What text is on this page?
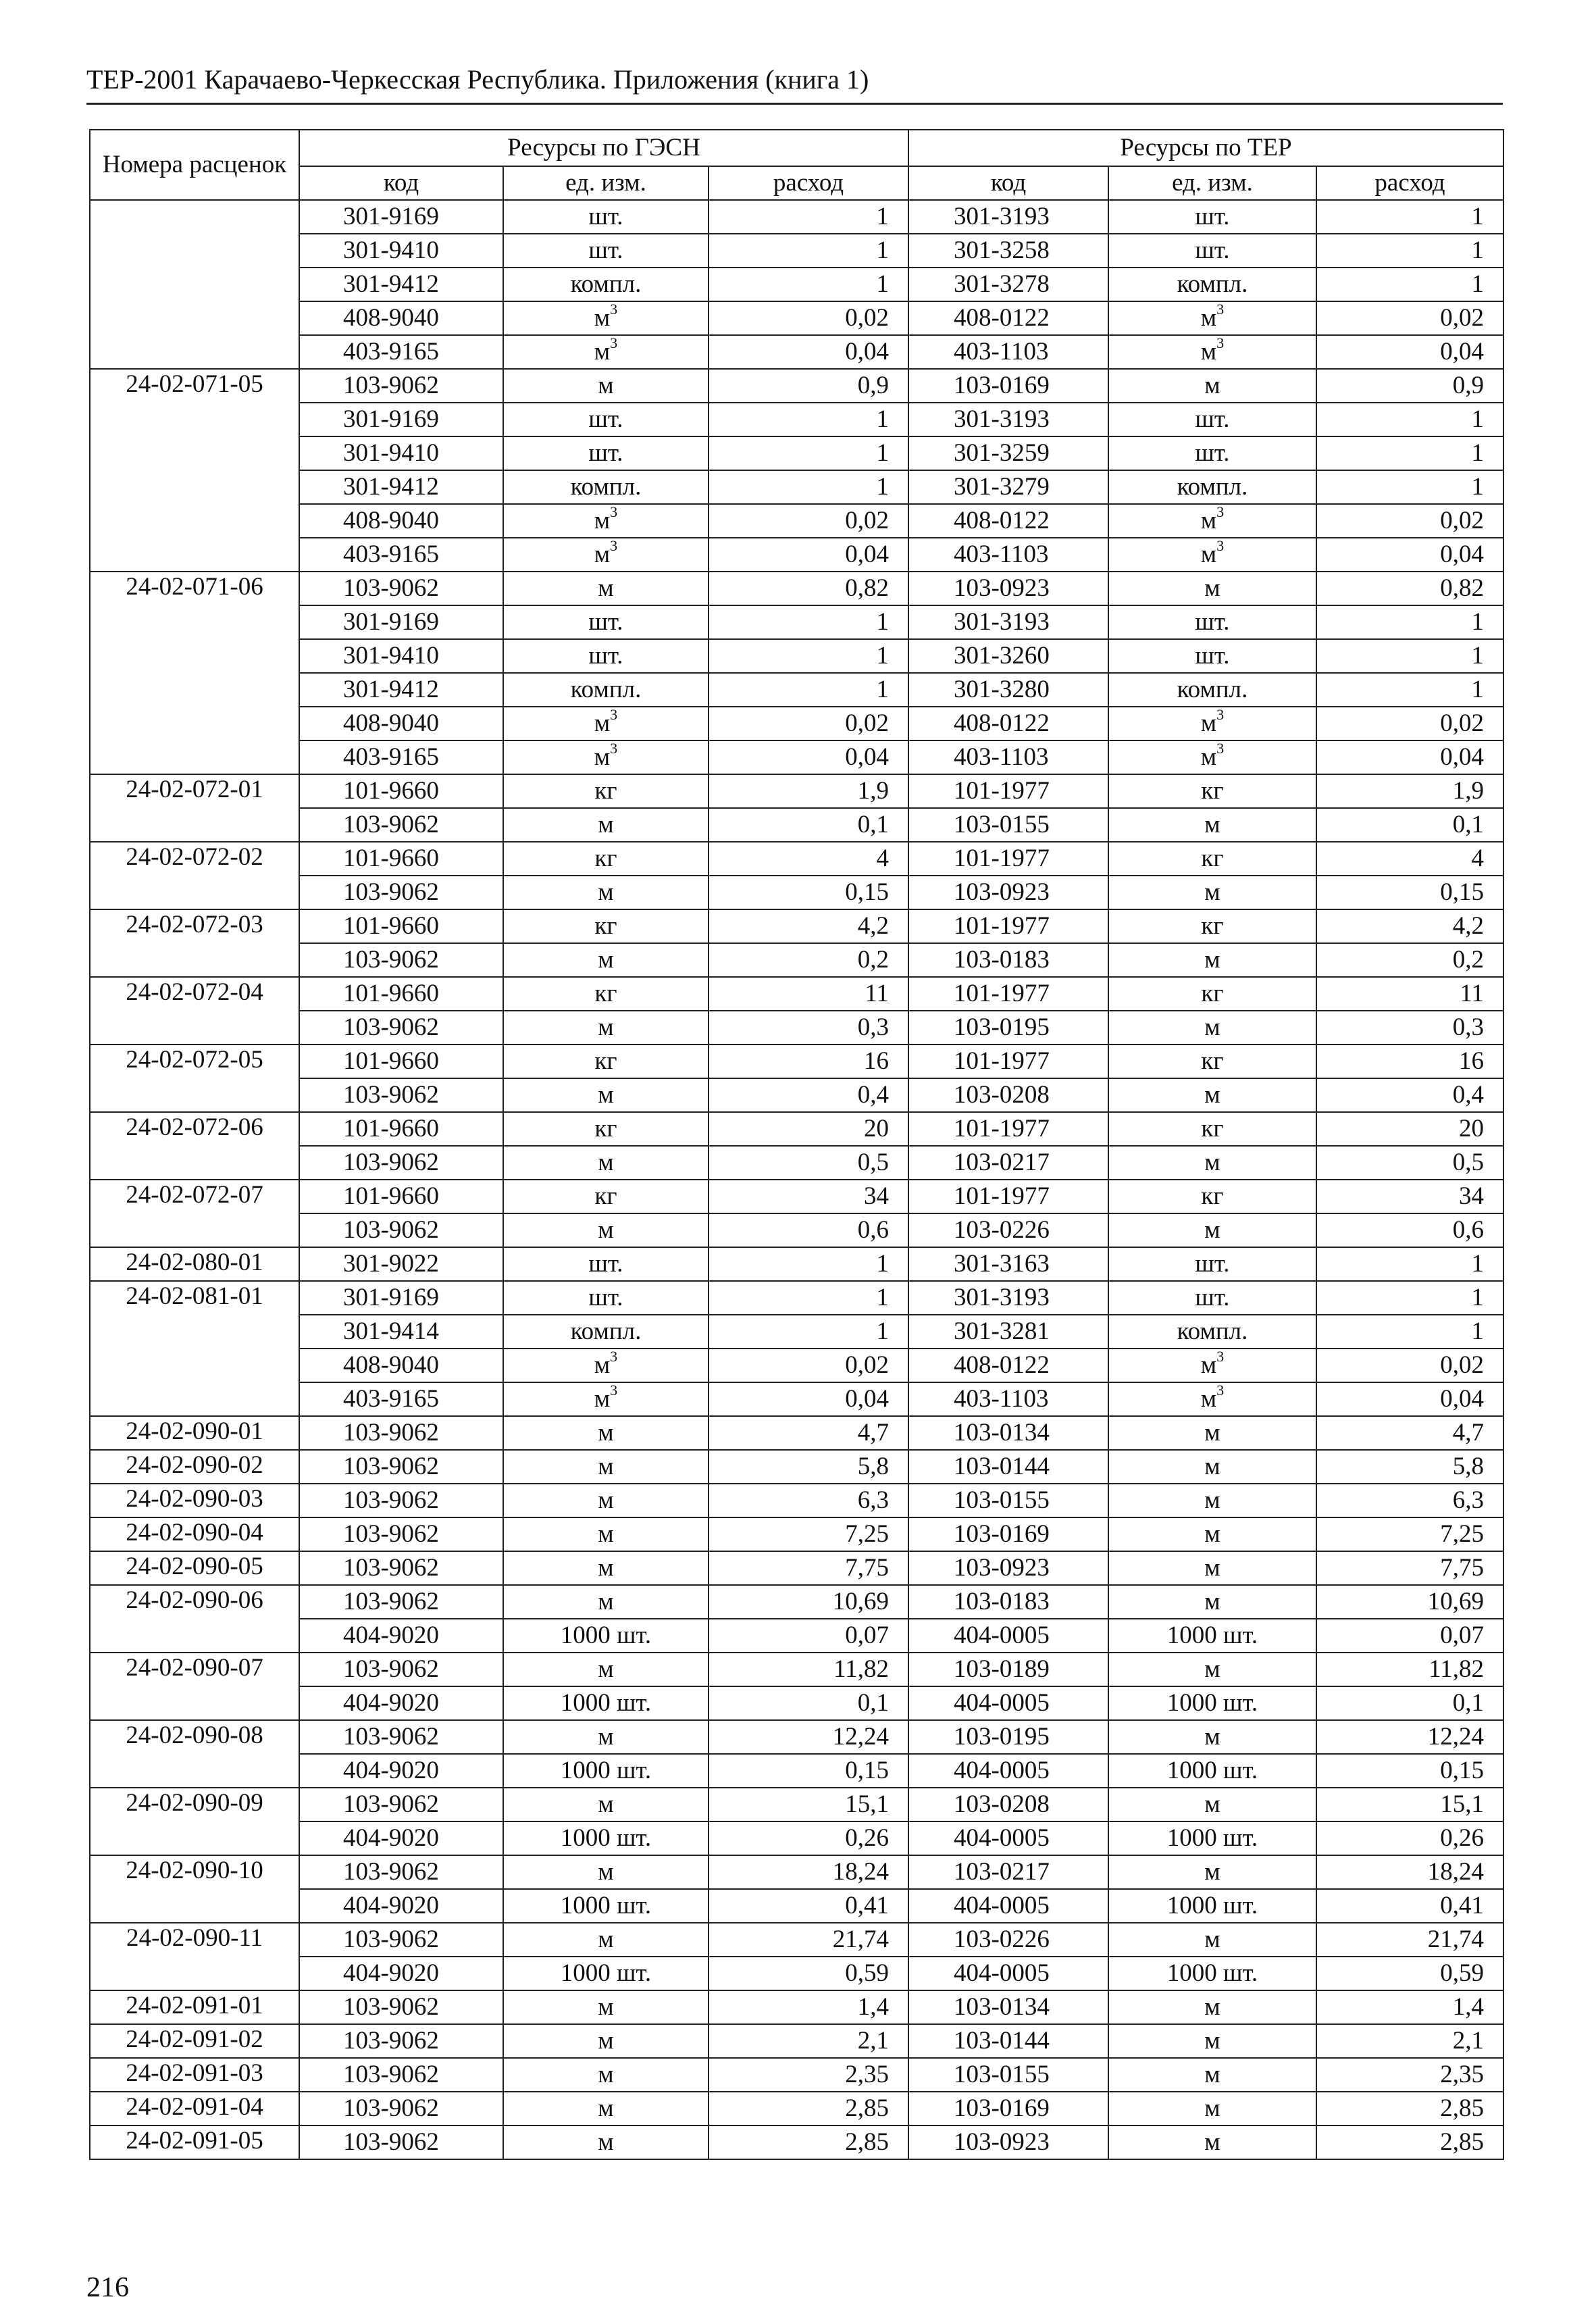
ТЕР-2001 Карачаево-Черкесская Республика. Приложения (книга 1)
Номера расценок	Ресурсы по ГЭСН			Ресурсы по ТЕР		
	код	ед. изм.	расход	код	ед. изм.	расход
	301-9169	шт.	1	301-3193	шт.	1
	301-9410	шт.	1	301-3258	шт.	1
	301-9412	компл.	1	301-3278	компл.	1
	408-9040	$м^3$	0,02	408-0122	$м^3$	0,02
	403-9165	$м^3$	0,04	403-1103	$м^3$	0,04
24-02-071-05	103-9062	м	0,9	103-0169	м	0,9
	301-9169	шт.	1	301-3193	шт.	1
	301-9410	шт.	1	301-3259	шт.	1
	301-9412	компл.	1	301-3279	компл.	1
	408-9040	$м^3$	0,02	408-0122	$м^3$	0,02
	403-9165	$м^3$	0,04	403-1103	$м^3$	0,04
24-02-071-06	103-9062	м	0,82	103-0923	м	0,82
	301-9169	шт.	1	301-3193	шт.	1
	301-9410	шт.	1	301-3260	шт.	1
	301-9412	компл.	1	301-3280	компл.	1
	408-9040	$м^3$	0,02	408-0122	$м^3$	0,02
	403-9165	$м^3$	0,04	403-1103	$м^3$	0,04
24-02-072-01	101-9660	кг	1,9	101-1977	кг	1,9
	103-9062	м	0,1	103-0155	м	0,1
24-02-072-02	101-9660	кг	4	101-1977	кг	4
	103-9062	м	0,15	103-0923	м	0,15
24-02-072-03	101-9660	кг	4,2	101-1977	кг	4,2
	103-9062	м	0,2	103-0183	м	0,2
24-02-072-04	101-9660	кг	11	101-1977	кг	11
	103-9062	м	0,3	103-0195	м	0,3
24-02-072-05	101-9660	кг	16	101-1977	кг	16
	103-9062	м	0,4	103-0208	м	0,4
24-02-072-06	101-9660	кг	20	101-1977	кг	20
	103-9062	м	0,5	103-0217	м	0,5
24-02-072-07	101-9660	кг	34	101-1977	кг	34
	103-9062	м	0,6	103-0226	м	0,6
24-02-080-01	301-9022	шт.	1	301-3163	шт.	1
24-02-081-01	301-9169	шт.	1	301-3193	шт.	1
	301-9414	компл.	1	301-3281	компл.	1
	408-9040	$м^3$	0,02	408-0122	$м^3$	0,02
	403-9165	$м^3$	0,04	403-1103	$м^3$	0,04
24-02-090-01	103-9062	м	4,7	103-0134	м	4,7
24-02-090-02	103-9062	м	5,8	103-0144	м	5,8
24-02-090-03	103-9062	м	6,3	103-0155	м	6,3
24-02-090-04	103-9062	м	7,25	103-0169	м	7,25
24-02-090-05	103-9062	м	7,75	103-0923	м	7,75
24-02-090-06	103-9062	м	10,69	103-0183	м	10,69
	404-9020	1000 шт.	0,07	404-0005	1000 шт.	0,07
24-02-090-07	103-9062	м	11,82	103-0189	м	11,82
	404-9020	1000 шт.	0,1	404-0005	1000 шт.	0,1
24-02-090-08	103-9062	м	12,24	103-0195	м	12,24
	404-9020	1000 шт.	0,15	404-0005	1000 шт.	0,15
24-02-090-09	103-9062	м	15,1	103-0208	м	15,1
	404-9020	1000 шт.	0,26	404-0005	1000 шт.	0,26
24-02-090-10	103-9062	м	18,24	103-0217	м	18,24
	404-9020	1000 шт.	0,41	404-0005	1000 шт.	0,41
24-02-090-11	103-9062	м	21,74	103-0226	м	21,74
	404-9020	1000 шт.	0,59	404-0005	1000 шт.	0,59
24-02-091-01	103-9062	м	1,4	103-0134	м	1,4
24-02-091-02	103-9062	м	2,1	103-0144	м	2,1
24-02-091-03	103-9062	м	2,35	103-0155	м	2,35
24-02-091-04	103-9062	м	2,85	103-0169	м	2,85
24-02-091-05	103-9062	м	2,85	103-0923	м	2,85
216
